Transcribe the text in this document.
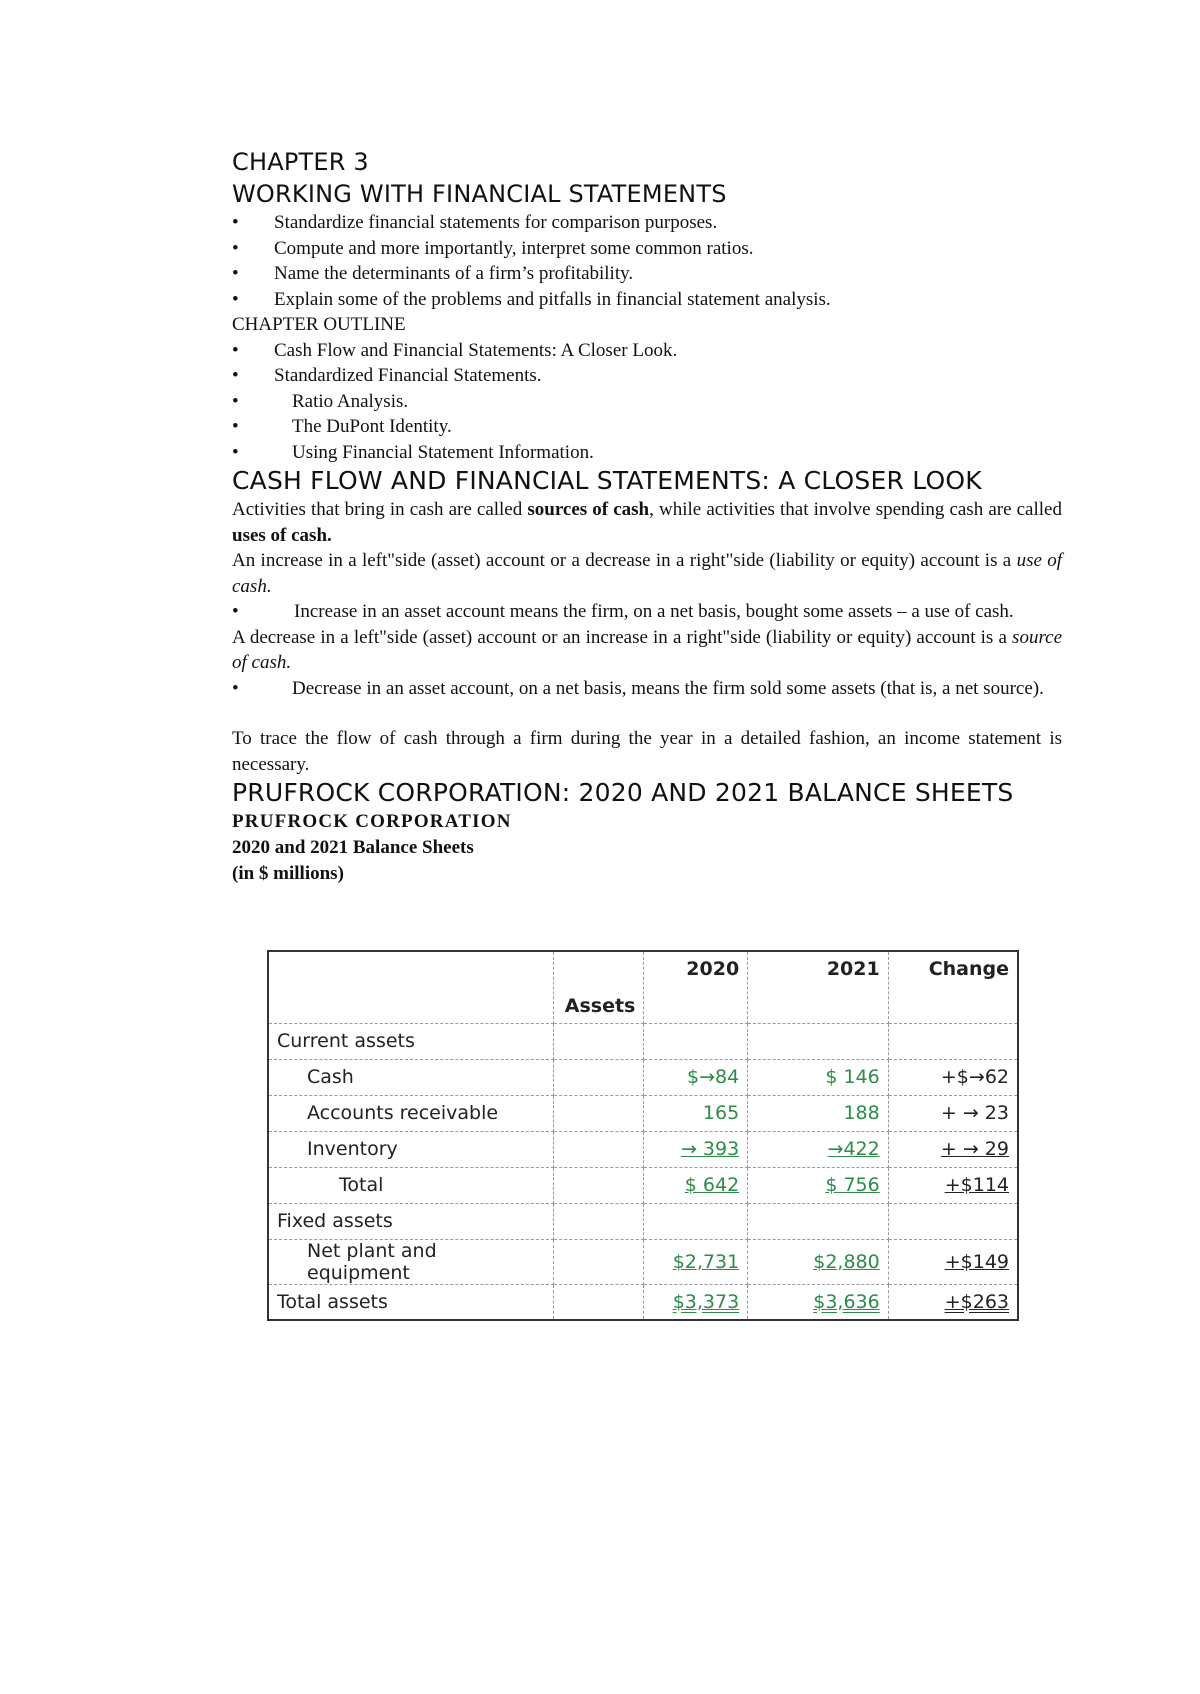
CHAPTER 3
WORKING WITH FINANCIAL STATEMENTS
•	Standardize financial statements for comparison purposes.
•	Compute and more importantly, interpret some common ratios.
•	Name the determinants of a firm’s profitability.
•	Explain some of the problems and pitfalls in financial statement analysis.

CHAPTER OUTLINE

•	Cash Flow and Financial Statements: A Closer Look.
•	Standardized Financial Statements.
•	Ratio Analysis.
•	The DuPont Identity.
•	Using Financial Statement Information.
CASH FLOW AND FINANCIAL STATEMENTS: A CLOSER LOOK

Activities that bring in cash are called sources of cash, while activities that involve spending cash are called uses of cash.

An increase in a left"side (asset) account or a decrease in a right"side (liability or equity) account is a use of cash.

•	Increase in an asset account means the firm, on a net basis, bought some assets – a use of cash.

A decrease in a left"side (asset) account or an increase in a right"side (liability or equity) account is a source of cash.

•	Decrease in an asset account, on a net basis, means the firm sold some assets (that is, a net source).

To trace the flow of cash through a firm during the year in a detailed fashion, an income statement is necessary.

PRUFROCK CORPORATION: 2020 AND 2021 BALANCE SHEETS

PRUFROCK CORPORATION

2020 and 2021 Balance Sheets

(in $ millions)

	Assets	2020	2021	Change
Current assets				
Cash		$→84	$ 146	+$→62
Accounts receivable		165	188	+ → 23
Inventory		→ 393	→422	+ → 29
Total		$ 642	$ 756	+$114
Fixed assets				
Net plant and equipment		$2,731	$2,880	+$149
Total assets		$3,373	$3,636	+$263
